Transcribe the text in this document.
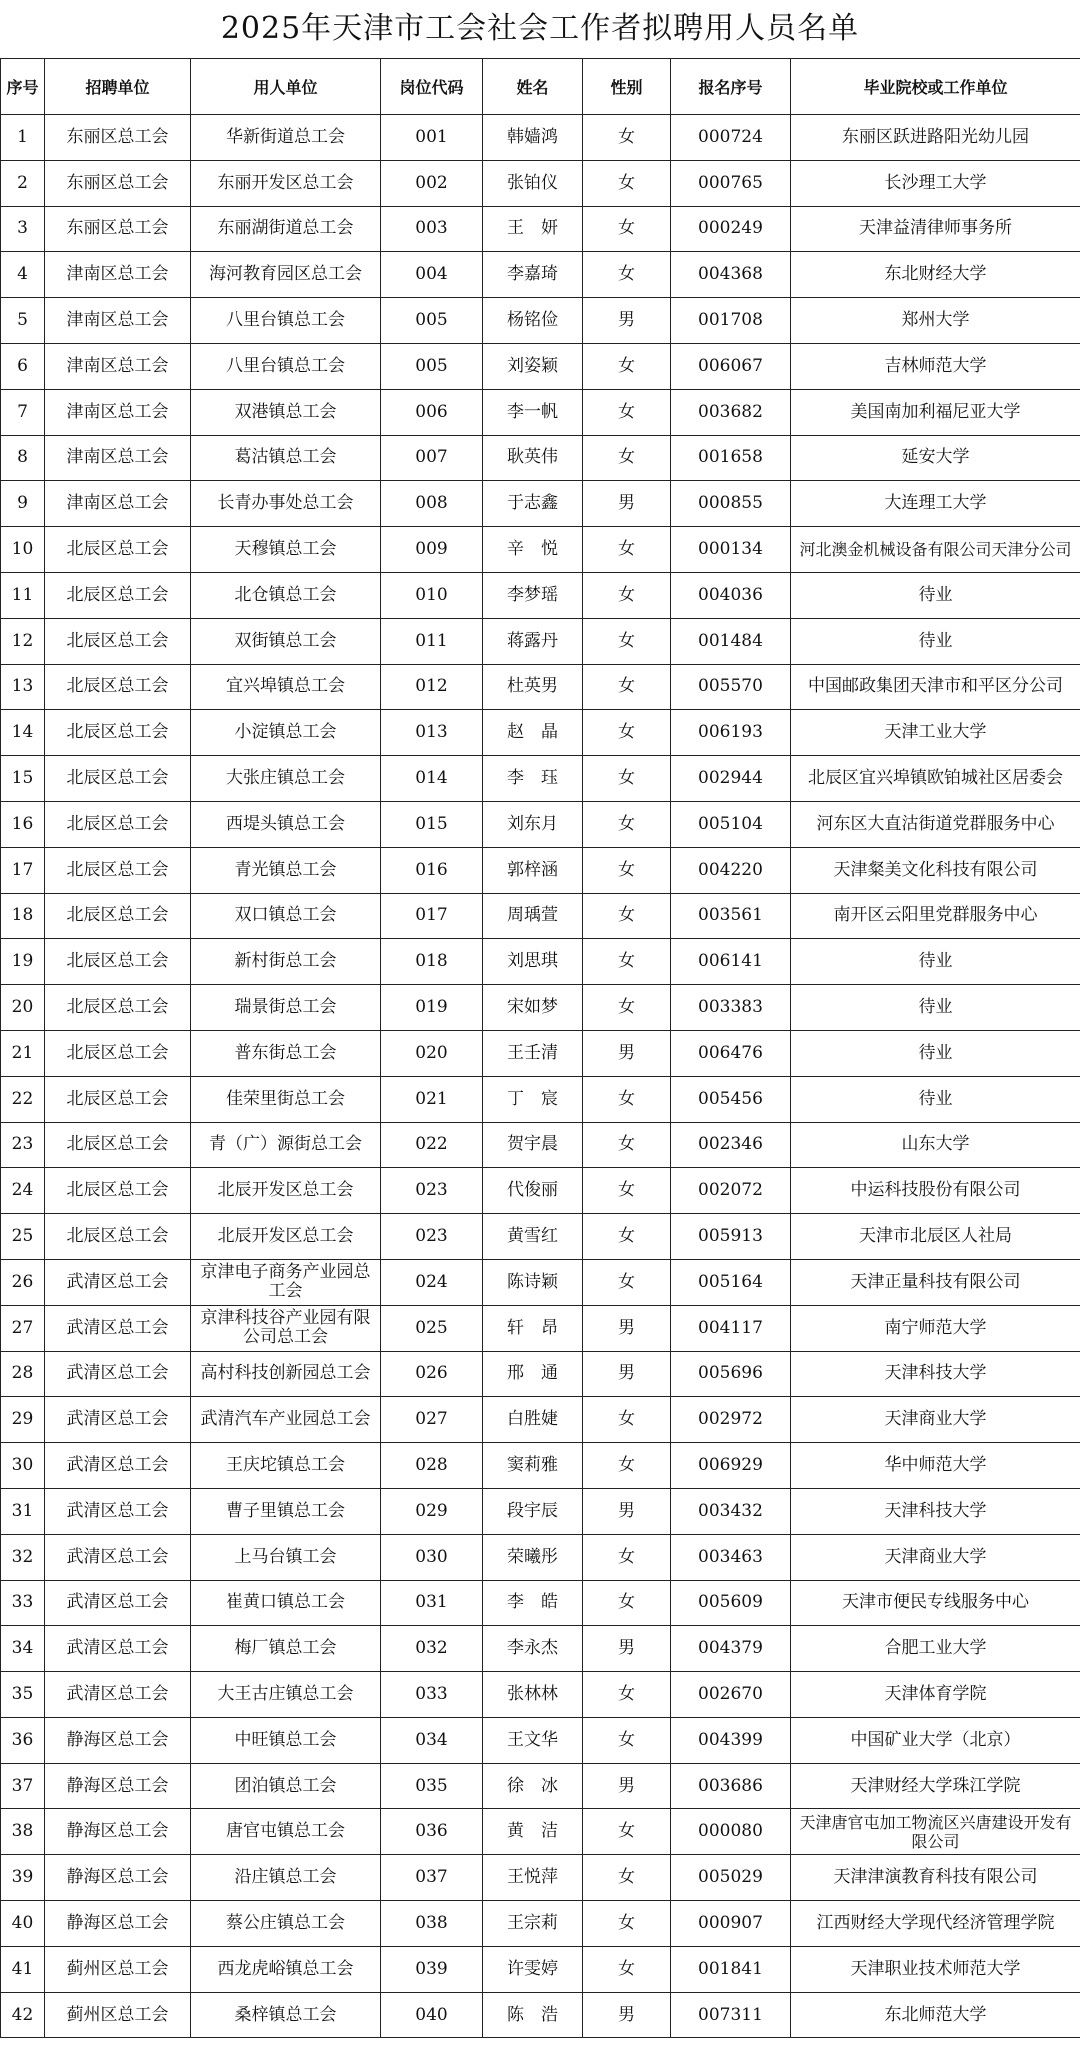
2025年天津市工会社会工作者拟聘用人员名单
序号	招聘单位	用人单位	岗位代码	姓名	性别	报名序号	毕业院校或工作单位
1	东丽区总工会	华新街道总工会	001	韩嫱鸿	女	000724	东丽区跃进路阳光幼儿园
2	东丽区总工会	东丽开发区总工会	002	张铂仪	女	000765	长沙理工大学
3	东丽区总工会	东丽湖街道总工会	003	王　妍	女	000249	天津益清律师事务所
4	津南区总工会	海河教育园区总工会	004	李嘉琦	女	004368	东北财经大学
5	津南区总工会	八里台镇总工会	005	杨铭俭	男	001708	郑州大学
6	津南区总工会	八里台镇总工会	005	刘姿颖	女	006067	吉林师范大学
7	津南区总工会	双港镇总工会	006	李一帆	女	003682	美国南加利福尼亚大学
8	津南区总工会	葛沽镇总工会	007	耿英伟	女	001658	延安大学
9	津南区总工会	长青办事处总工会	008	于志鑫	男	000855	大连理工大学
10	北辰区总工会	天穆镇总工会	009	辛　悦	女	000134	河北澳金机械设备有限公司天津分公司
11	北辰区总工会	北仓镇总工会	010	李梦瑶	女	004036	待业
12	北辰区总工会	双街镇总工会	011	蒋露丹	女	001484	待业
13	北辰区总工会	宜兴埠镇总工会	012	杜英男	女	005570	中国邮政集团天津市和平区分公司
14	北辰区总工会	小淀镇总工会	013	赵　晶	女	006193	天津工业大学
15	北辰区总工会	大张庄镇总工会	014	李　珏	女	002944	北辰区宜兴埠镇欧铂城社区居委会
16	北辰区总工会	西堤头镇总工会	015	刘东月	女	005104	河东区大直沽街道党群服务中心
17	北辰区总工会	青光镇总工会	016	郭梓涵	女	004220	天津粲美文化科技有限公司
18	北辰区总工会	双口镇总工会	017	周瑀萱	女	003561	南开区云阳里党群服务中心
19	北辰区总工会	新村街总工会	018	刘思琪	女	006141	待业
20	北辰区总工会	瑞景街总工会	019	宋如梦	女	003383	待业
21	北辰区总工会	普东街总工会	020	王壬清	男	006476	待业
22	北辰区总工会	佳荣里街总工会	021	丁　宸	女	005456	待业
23	北辰区总工会	青（广）源街总工会	022	贺宇晨	女	002346	山东大学
24	北辰区总工会	北辰开发区总工会	023	代俊丽	女	002072	中运科技股份有限公司
25	北辰区总工会	北辰开发区总工会	023	黄雪红	女	005913	天津市北辰区人社局
26	武清区总工会	京津电子商务产业园总工会	024	陈诗颖	女	005164	天津正量科技有限公司
27	武清区总工会	京津科技谷产业园有限公司总工会	025	轩　昂	男	004117	南宁师范大学
28	武清区总工会	高村科技创新园总工会	026	邢　通	男	005696	天津科技大学
29	武清区总工会	武清汽车产业园总工会	027	白胜婕	女	002972	天津商业大学
30	武清区总工会	王庆坨镇总工会	028	窦莉雅	女	006929	华中师范大学
31	武清区总工会	曹子里镇总工会	029	段宇辰	男	003432	天津科技大学
32	武清区总工会	上马台镇工会	030	荣曦彤	女	003463	天津商业大学
33	武清区总工会	崔黄口镇总工会	031	李　皓	女	005609	天津市便民专线服务中心
34	武清区总工会	梅厂镇总工会	032	李永杰	男	004379	合肥工业大学
35	武清区总工会	大王古庄镇总工会	033	张林林	女	002670	天津体育学院
36	静海区总工会	中旺镇总工会	034	王文华	女	004399	中国矿业大学（北京）
37	静海区总工会	团泊镇总工会	035	徐　冰	男	003686	天津财经大学珠江学院
38	静海区总工会	唐官屯镇总工会	036	黄　洁	女	000080	天津唐官屯加工物流区兴唐建设开发有限公司
39	静海区总工会	沿庄镇总工会	037	王悦萍	女	005029	天津津演教育科技有限公司
40	静海区总工会	蔡公庄镇总工会	038	王宗莉	女	000907	江西财经大学现代经济管理学院
41	蓟州区总工会	西龙虎峪镇总工会	039	许雯婷	女	001841	天津职业技术师范大学
42	蓟州区总工会	桑梓镇总工会	040	陈　浩	男	007311	东北师范大学
